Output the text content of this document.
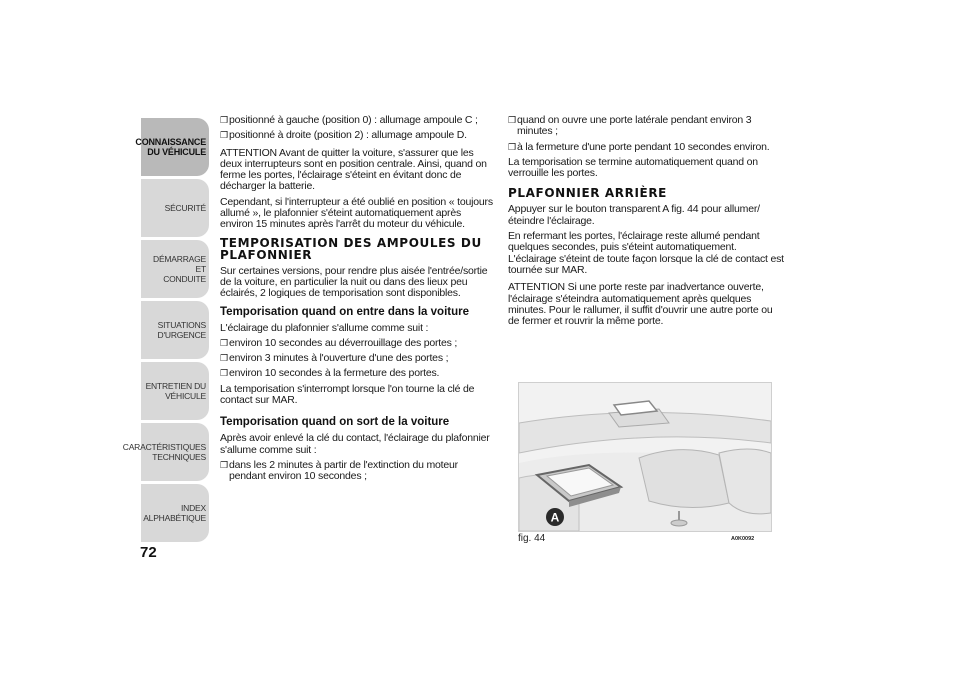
CONNAISSANCE
DU VÉHICULE
SÉCURITÉ
DÉMARRAGE ET
CONDUITE
SITUATIONS
D'URGENCE
ENTRETIEN DU
VÉHICULE
CARACTÉRISTIQUES
TECHNIQUES
INDEX
ALPHABÉTIQUE
72
❒positionné à gauche (position 0) : allumage ampoule C ;
❒positionné à droite (position 2) : allumage ampoule D.
ATTENTION Avant de quitter la voiture, s'assurer que les deux interrupteurs sont en position centrale. Ainsi, quand on ferme les portes, l'éclairage s'éteint en évitant donc de décharger la batterie.
Cependant, si l'interrupteur a été oublié en position « toujours allumé », le plafonnier s'éteint automatiquement après environ 15 minutes après l'arrêt du moteur du véhicule.
TEMPORISATION DES AMPOULES DU PLAFONNIER
Sur certaines versions, pour rendre plus aisée l'entrée/sortie de la voiture, en particulier la nuit ou dans des lieux peu éclairés, 2 logiques de temporisation sont disponibles.
Temporisation quand on entre dans la voiture
L'éclairage du plafonnier s'allume comme suit :
❒environ 10 secondes au déverrouillage des portes ;
❒environ 3 minutes à l'ouverture d'une des portes ;
❒environ 10 secondes à la fermeture des portes.
La temporisation s'interrompt lorsque l'on tourne la clé de contact sur MAR.
Temporisation quand on sort de la voiture
Après avoir enlevé la clé du contact, l'éclairage du plafonnier s'allume comme suit :
❒dans les 2 minutes à partir de l'extinction du moteur pendant environ 10 secondes ;
❒quand on ouvre une porte latérale pendant environ 3 minutes ;
❒à la fermeture d'une porte pendant 10 secondes environ.
La temporisation se termine automatiquement quand on verrouille les portes.
PLAFONNIER ARRIÈRE
Appuyer sur le bouton transparent A fig. 44 pour allumer/éteindre l'éclairage.
En refermant les portes, l'éclairage reste allumé pendant quelques secondes, puis s'éteint automatiquement. L'éclairage s'éteint de toute façon lorsque la clé de contact est tournée sur MAR.
ATTENTION Si une porte reste par inadvertance ouverte, l'éclairage s'éteindra automatiquement après quelques minutes. Pour le rallumer, il suffit d'ouvrir une autre porte ou de fermer et rouvrir la même porte.
A
fig. 44	A0K0092
